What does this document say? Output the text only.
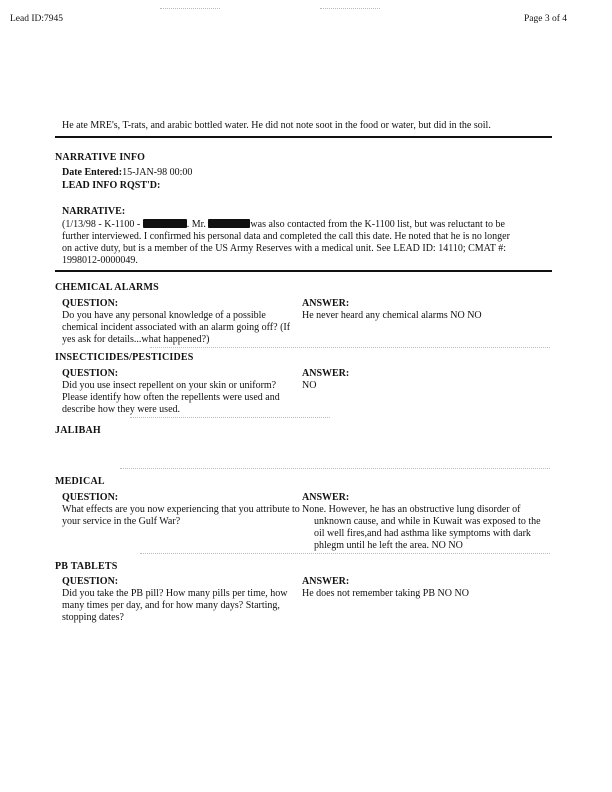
Lead ID:7945	Page 3 of 4
He ate MRE's, T-rats, and arabic bottled water. He did not note soot in the food or water, but did in the soil.
NARRATIVE INFO
Date Entered:15-JAN-98 00:00
LEAD INFO RQST'D:
NARRATIVE:
(1/13/98 - K-1100 -	. Mr.	was also contacted from the K-1100 list, but was reluctant to be
further interviewed. I confirmed his personal data and completed the call this date. He noted that he is no longer
on active duty, but is a member of the US Army Reserves with a medical unit. See LEAD ID: 14110; CMAT #:
1998012-0000049.
CHEMICAL ALARMS
QUESTION:	ANSWER:
Do you have any personal knowledge of a possible
chemical incident associated with an alarm going off? (If
yes ask for details...what happened?)
He never heard any chemical alarms NO NO
INSECTICIDES/PESTICIDES
QUESTION:	ANSWER:
Did you use insect repellent on your skin or uniform?
Please identify how often the repellents were used and
describe how they were used.
NO
JALIBAH
MEDICAL
QUESTION:	ANSWER:
What effects are you now experiencing that you attribute to
your service in the Gulf War?
None. However, he has an obstructive lung disorder of
unknown cause, and while in Kuwait was exposed to the
oil well fires,and had asthma like symptoms with dark
phlegm until he left the area. NO NO
PB TABLETS
QUESTION:	ANSWER:
Did you take the PB pill? How many pills per time, how
many times per day, and for how many days? Starting,
stopping dates?
He does not remember taking PB NO NO
